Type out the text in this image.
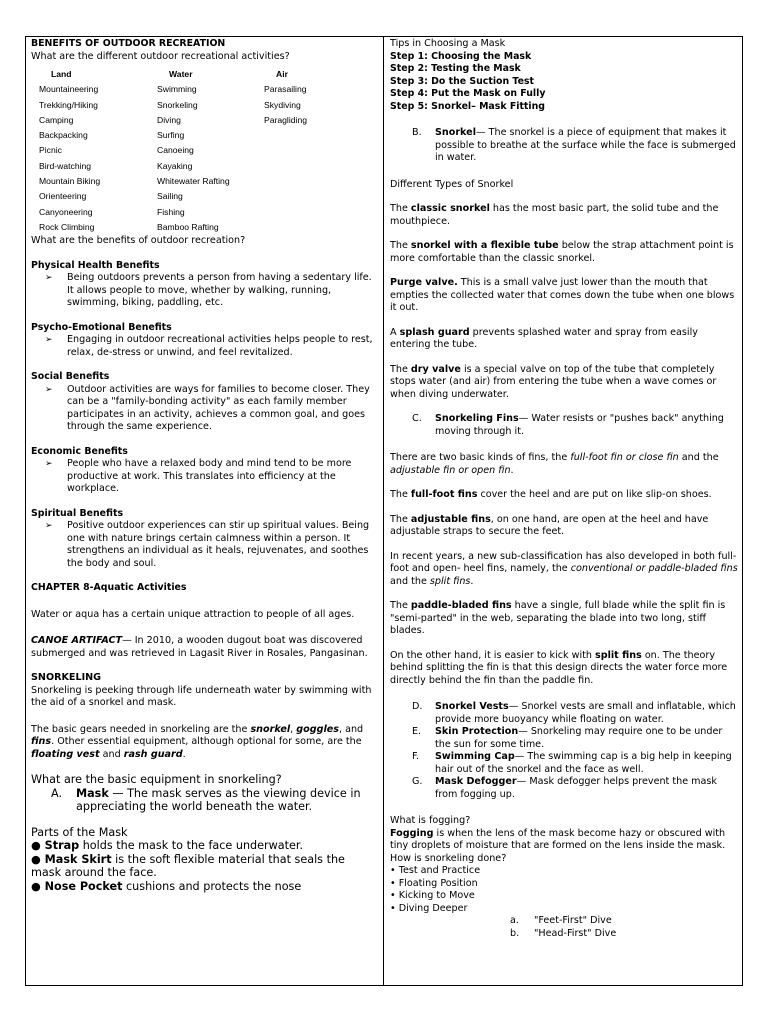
BENEFITS OF OUTDOOR RECREATION

What are the different outdoor recreational activities?

Land	Water	Air
Mountaineering	Swimming	Parasailing
Trekking/Hiking	Snorkeling	Skydiving
Camping	Diving	Paragliding
Backpacking	Surfing
Picnic	Canoeing
Bird-watching	Kayaking
Mountain Biking	Whitewater Rafting
Orienteering	Sailing
Canyoneering	Fishing
Rock Climbing	Bamboo Rafting

What are the benefits of outdoor recreation?

Physical Health Benefits

➢	Being outdoors prevents a person from having a sedentary life. It allows people to move, whether by walking, running, swimming, biking, paddling, etc.

Psycho-Emotional Benefits

➢	Engaging in outdoor recreational activities helps people to rest, relax, de-stress or unwind, and feel revitalized.

Social Benefits

➢	Outdoor activities are ways for families to become closer. They can be a "family-bonding activity" as each family member participates in an activity, achieves a common goal, and goes through the same experience.

Economic Benefits

➢	People who have a relaxed body and mind tend to be more productive at work. This translates into efficiency at the workplace.

Spiritual Benefits

➢	Positive outdoor experiences can stir up spiritual values. Being one with nature brings certain calmness within a person. It strengthens an individual as it heals, rejuvenates, and soothes the body and soul.

CHAPTER 8-Aquatic Activities

Water or aqua has a certain unique attraction to people of all ages.

CANOE ARTIFACT— In 2010, a wooden dugout boat was discovered submerged and was retrieved in Lagasit River in Rosales, Pangasinan.

SNORKELING

Snorkeling is peeking through life underneath water by swimming with the aid of a snorkel and mask.

The basic gears needed in snorkeling are the snorkel, goggles, and fins. Other essential equipment, although optional for some, are the floating vest and rash guard.

What are the basic equipment in snorkeling?

A.	Mask — The mask serves as the viewing device in appreciating the world beneath the water.

Parts of the Mask

● Strap holds the mask to the face underwater.

● Mask Skirt is the soft flexible material that seals the mask around the face.

● Nose Pocket cushions and protects the nose

Tips in Choosing a Mask

Step 1: Choosing the Mask

Step 2: Testing the Mask

Step 3: Do the Suction Test

Step 4: Put the Mask on Fully

Step 5: Snorkel– Mask Fitting

B.	Snorkel— The snorkel is a piece of equipment that makes it possible to breathe at the surface while the face is submerged in water.

Different Types of Snorkel

The classic snorkel has the most basic part, the solid tube and the mouthpiece.

The snorkel with a flexible tube below the strap attachment point is more comfortable than the classic snorkel.

Purge valve. This is a small valve just lower than the mouth that empties the collected water that comes down the tube when one blows it out.

A splash guard prevents splashed water and spray from easily entering the tube.

The dry valve is a special valve on top of the tube that completely stops water (and air) from entering the tube when a wave comes or when diving underwater.

C.	Snorkeling Fins— Water resists or "pushes back" anything moving through it.

There are two basic kinds of fins, the full-foot fin or close fin and the adjustable fin or open fin.

The full-foot fins cover the heel and are put on like slip-on shoes.

The adjustable fins, on one hand, are open at the heel and have adjustable straps to secure the feet.

In recent years, a new sub-classification has also developed in both full-foot and open- heel fins, namely, the conventional or paddle-bladed fins and the split fins.

The paddle-bladed fins have a single, full blade while the split fin is "semi-parted" in the web, separating the blade into two long, stiff blades.

On the other hand, it is easier to kick with split fins on. The theory behind splitting the fin is that this design directs the water force more directly behind the fin than the paddle fin.

D.	Snorkel Vests— Snorkel vests are small and inflatable, which provide more buoyancy while floating on water.
E.	Skin Protection— Snorkeling may require one to be under the sun for some time.
F.	Swimming Cap— The swimming cap is a big help in keeping hair out of the snorkel and the face as well.
G.	Mask Defogger— Mask defogger helps prevent the mask from fogging up.

What is fogging?

Fogging is when the lens of the mask become hazy or obscured with tiny droplets of moisture that are formed on the lens inside the mask.

How is snorkeling done?

• Test and Practice

• Floating Position

• Kicking to Move

• Diving Deeper

a.	"Feet-First" Dive
b.	"Head-First" Dive
